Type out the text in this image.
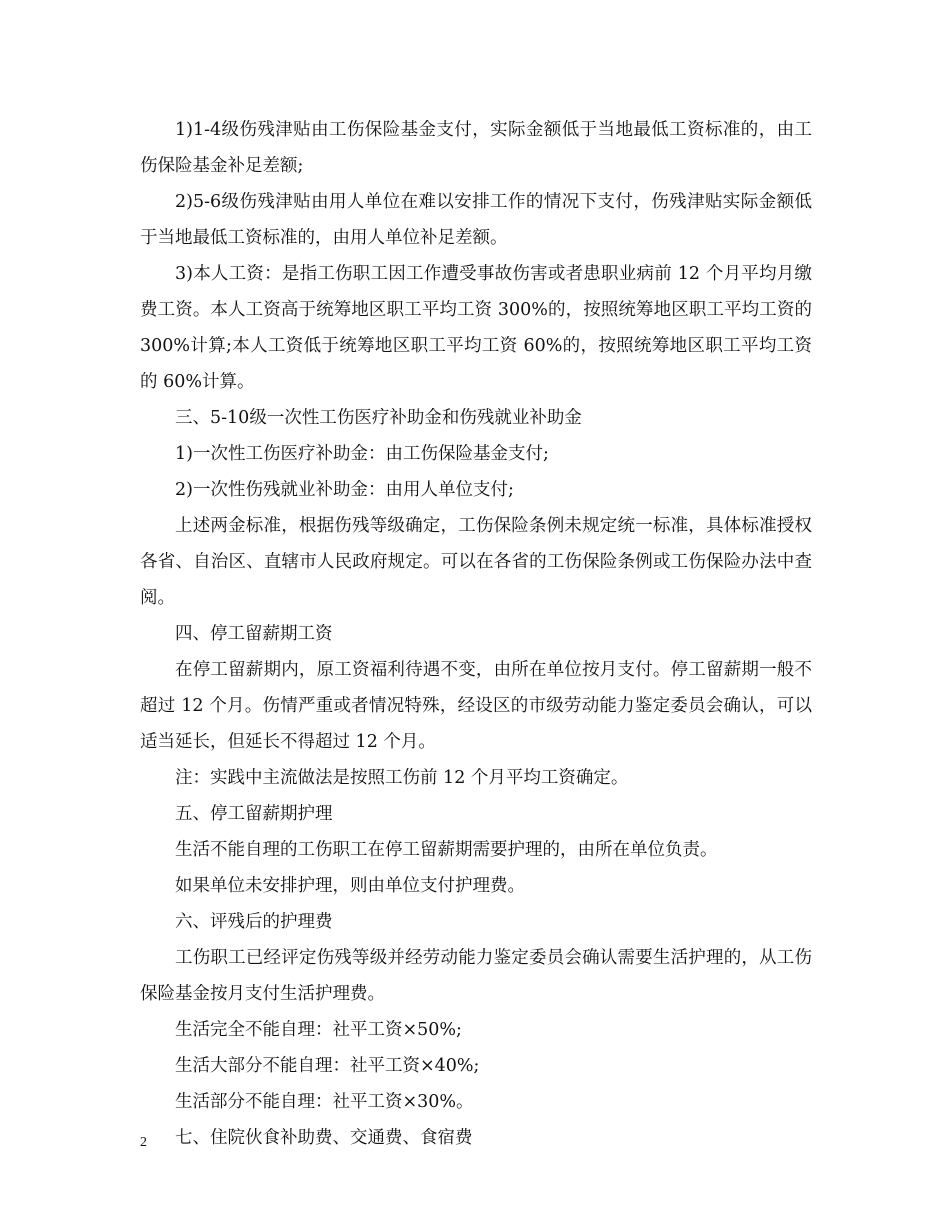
1)1-4级伤残津贴由工伤保险基金支付，实际金额低于当地最低工资标准的，由工伤保险基金补足差额;

2)5-6级伤残津贴由用人单位在难以安排工作的情况下支付，伤残津贴实际金额低于当地最低工资标准的，由用人单位补足差额。

3)本人工资：是指工伤职工因工作遭受事故伤害或者患职业病前 12 个月平均月缴费工资。本人工资高于统筹地区职工平均工资 300%的，按照统筹地区职工平均工资的 300%计算;本人工资低于统筹地区职工平均工资 60%的，按照统筹地区职工平均工资的 60%计算。

三、5-10级一次性工伤医疗补助金和伤残就业补助金

1)一次性工伤医疗补助金：由工伤保险基金支付;

2)一次性伤残就业补助金：由用人单位支付;

上述两金标准，根据伤残等级确定，工伤保险条例未规定统一标准，具体标准授权各省、自治区、直辖市人民政府规定。可以在各省的工伤保险条例或工伤保险办法中查阅。

四、停工留薪期工资

在停工留薪期内，原工资福利待遇不变，由所在单位按月支付。停工留薪期一般不超过 12 个月。伤情严重或者情况特殊，经设区的市级劳动能力鉴定委员会确认，可以适当延长，但延长不得超过 12 个月。

注：实践中主流做法是按照工伤前 12 个月平均工资确定。

五、停工留薪期护理

生活不能自理的工伤职工在停工留薪期需要护理的，由所在单位负责。

如果单位未安排护理，则由单位支付护理费。

六、评残后的护理费

工伤职工已经评定伤残等级并经劳动能力鉴定委员会确认需要生活护理的，从工伤保险基金按月支付生活护理费。

生活完全不能自理：社平工资×50%;

生活大部分不能自理：社平工资×40%;

生活部分不能自理：社平工资×30%。

七、住院伙食补助费、交通费、食宿费

2
